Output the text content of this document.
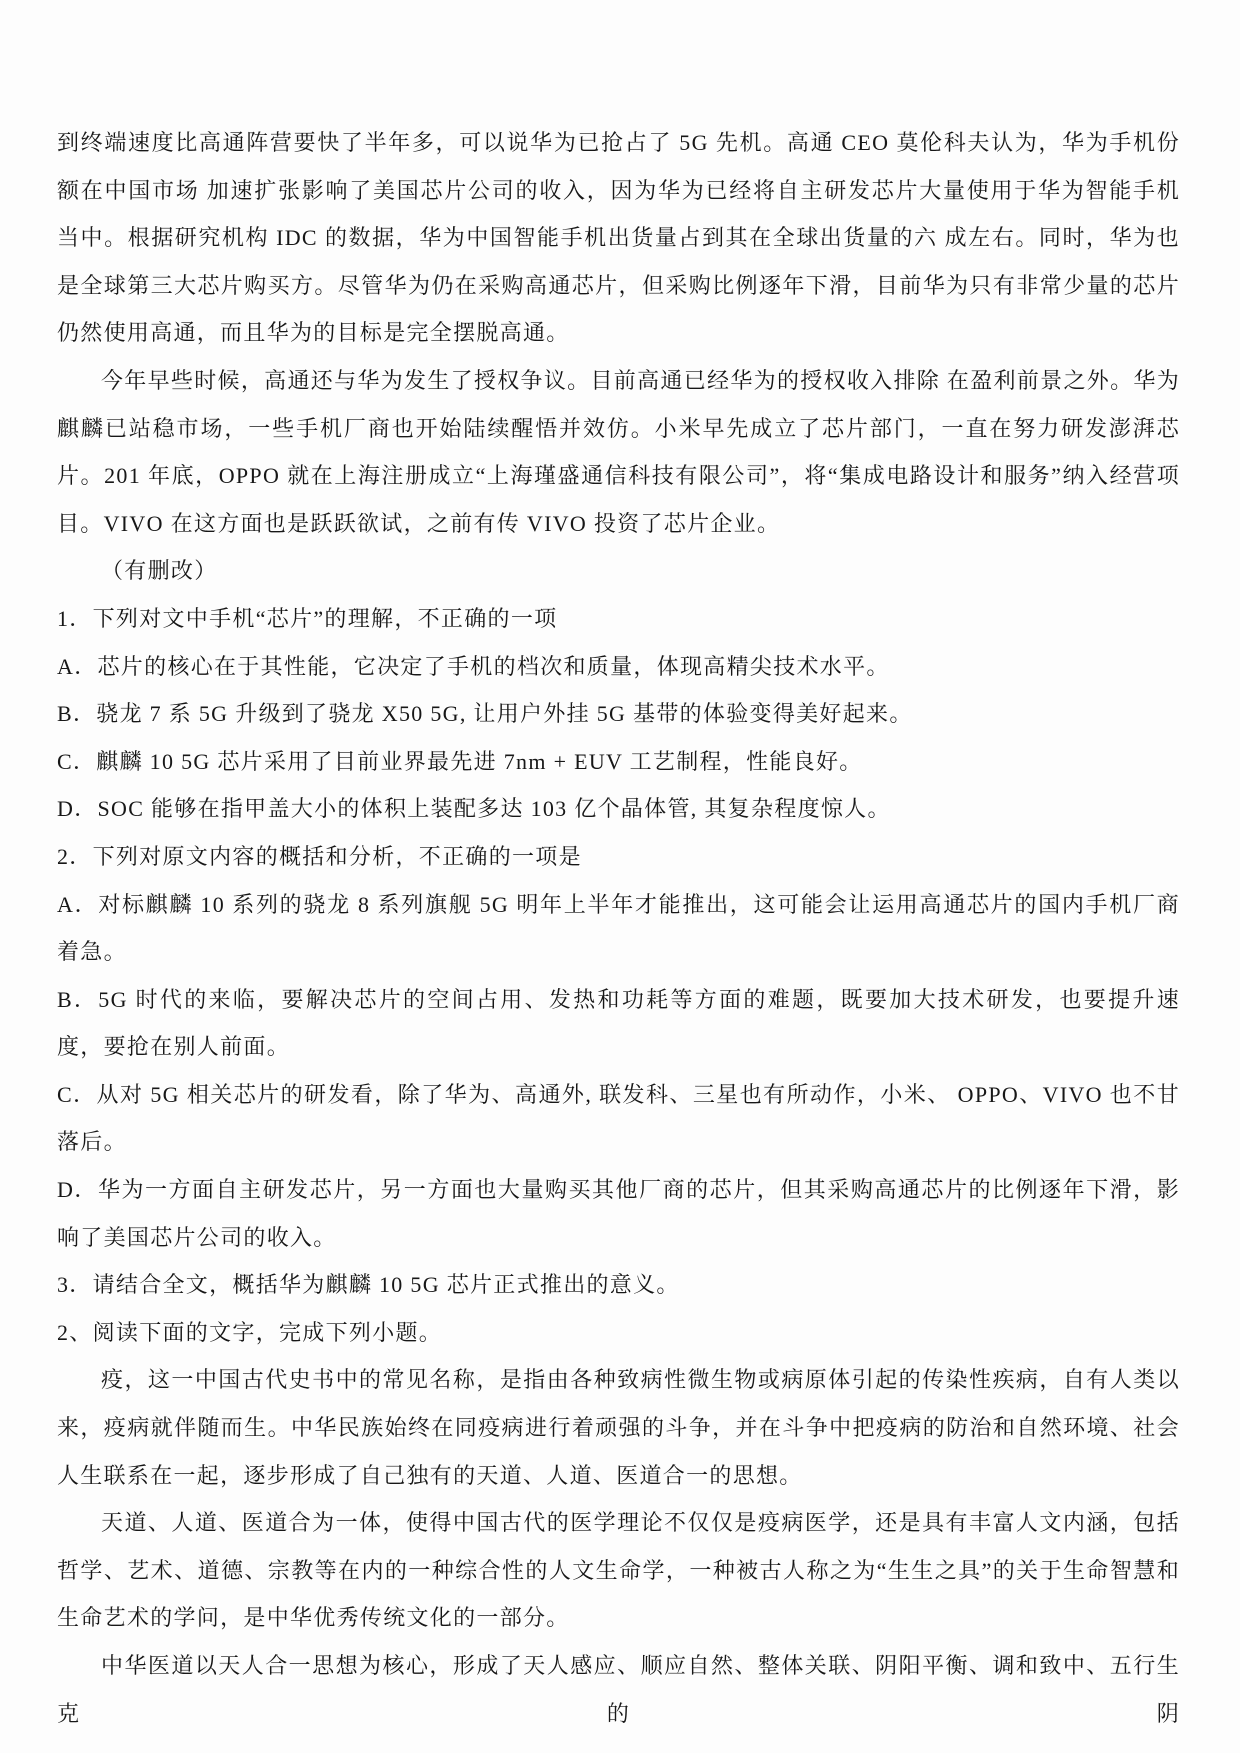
到终端速度比高通阵营要快了半年多，可以说华为已抢占了 5G 先机。高通 CEO 莫伦科夫认为，华为手机份额在中国市场 加速扩张影响了美国芯片公司的收入，因为华为已经将自主研发芯片大量使用于华为智能手机当中。根据研究机构 IDC 的数据，华为中国智能手机出货量占到其在全球出货量的六 成左右。同时，华为也是全球第三大芯片购买方。尽管华为仍在采购高通芯片，但采购比例逐年下滑，目前华为只有非常少量的芯片仍然使用高通，而且华为的目标是完全摆脱高通。

今年早些时候，高通还与华为发生了授权争议。目前高通已经华为的授权收入排除 在盈利前景之外。华为麒麟已站稳市场，一些手机厂商也开始陆续醒悟并效仿。小米早先成立了芯片部门，一直在努力研发澎湃芯片。201 年底，OPPO 就在上海注册成立“上海瑾盛通信科技有限公司”，将“集成电路设计和服务”纳入经营项目。VIVO 在这方面也是跃跃欲试，之前有传 VIVO 投资了芯片企业。

（有删改）

1．下列对文中手机“芯片”的理解，不正确的一项

A．芯片的核心在于其性能，它决定了手机的档次和质量，体现高精尖技术水平。

B．骁龙 7 系 5G 升级到了骁龙 X50 5G, 让用户外挂 5G 基带的体验变得美好起来。

C．麒麟 10 5G 芯片采用了目前业界最先进 7nm + EUV 工艺制程，性能良好。

D．SOC 能够在指甲盖大小的体积上装配多达 103 亿个晶体管, 其复杂程度惊人。

2．下列对原文内容的概括和分析，不正确的一项是

A．对标麒麟 10 系列的骁龙 8 系列旗舰 5G 明年上半年才能推出，这可能会让运用高通芯片的国内手机厂商着急。

B．5G 时代的来临，要解决芯片的空间占用、发热和功耗等方面的难题，既要加大技术研发，也要提升速度，要抢在别人前面。

C．从对 5G 相关芯片的研发看，除了华为、高通外, 联发科、三星也有所动作，小米、 OPPO、VIVO 也不甘落后。

D．华为一方面自主研发芯片，另一方面也大量购买其他厂商的芯片，但其采购高通芯片的比例逐年下滑，影响了美国芯片公司的收入。

3．请结合全文，概括华为麒麟 10 5G 芯片正式推出的意义。

2、阅读下面的文字，完成下列小题。

疫，这一中国古代史书中的常见名称，是指由各种致病性微生物或病原体引起的传染性疾病，自有人类以来，疫病就伴随而生。中华民族始终在同疫病进行着顽强的斗争，并在斗争中把疫病的防治和自然环境、社会人生联系在一起，逐步形成了自己独有的天道、人道、医道合一的思想。

天道、人道、医道合为一体，使得中国古代的医学理论不仅仅是疫病医学，还是具有丰富人文内涵，包括哲学、艺术、道德、宗教等在内的一种综合性的人文生命学，一种被古人称之为“生生之具”的关于生命智慧和生命艺术的学问，是中华优秀传统文化的一部分。

中华医道以天人合一思想为核心，形成了天人感应、顺应自然、整体关联、阴阳平衡、调和致中、五行生克的阴
